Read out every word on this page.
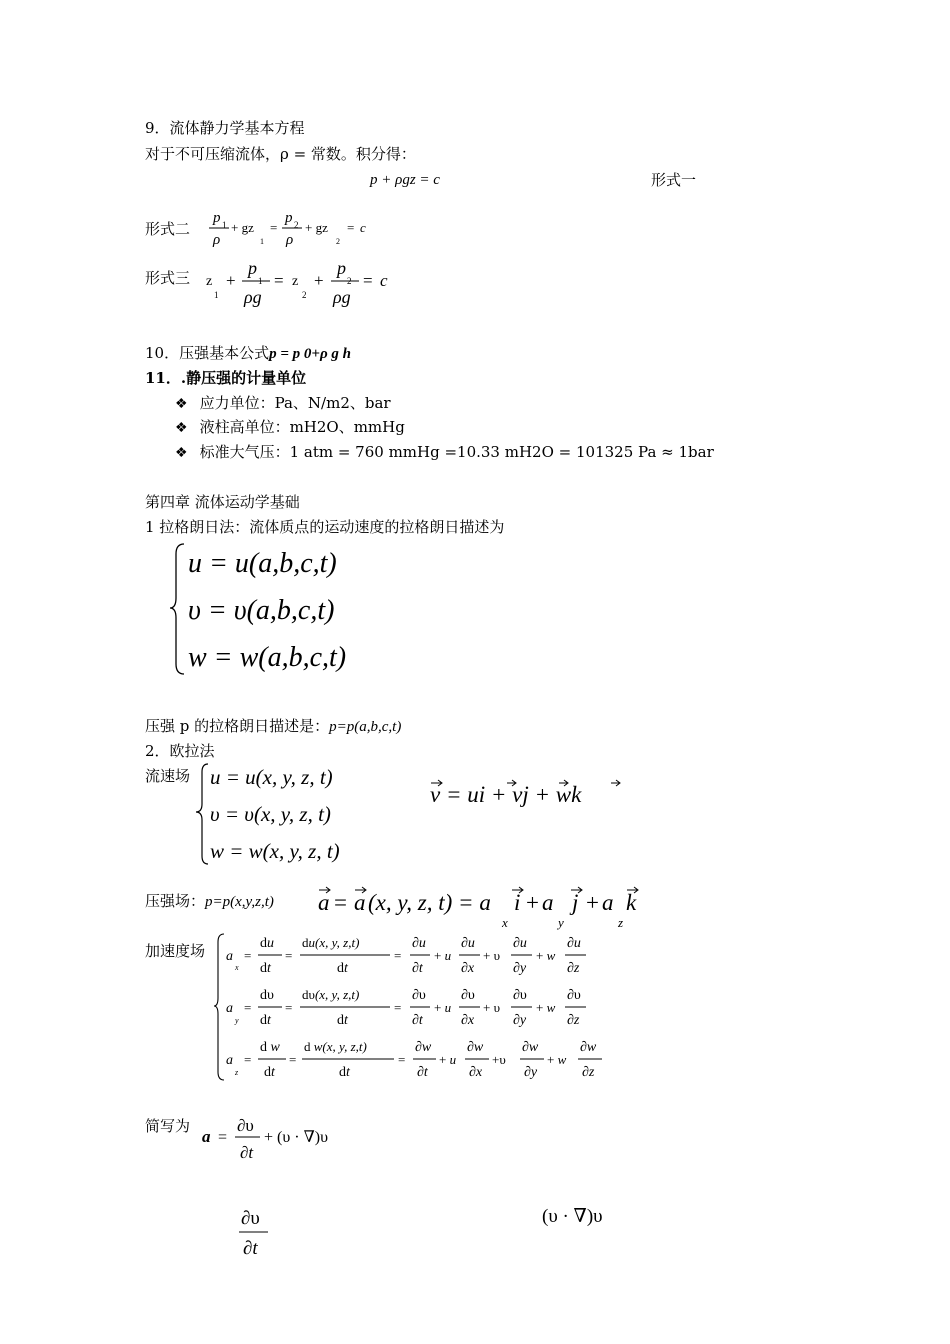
9．流体静力学基本方程
对于不可压缩流体，ρ = 常数。积分得：
p + ρgz = c	形式一
形式二
p 1
ρ
+ gz
1
=
p 2
ρ
+ gz
2
= c
形式三 z
1
+
p
1
ρg
= z
2
+
p
2
ρg
= c
10．压强基本公式p = p 0+ρ g h
11．.静压强的计量单位
❖ 应力单位：Pa、N/m2、bar
❖ 液柱高单位：mH2O、mmHg
❖ 标准大气压：1 atm = 760 mmHg =10.33 mH2O = 101325 Pa ≈ 1bar
第四章 流体运动学基础
1 拉格朗日法：流体质点的运动速度的拉格朗日描述为
u = u(a,b,c,t)
υ = υ(a,b,c,t)
w = w(a,b,c,t)
压强 p 的拉格朗日描述是：p=p(a,b,c,t)
2．欧拉法
流速场 u = u(x, y, z, t)
υ = υ(x, y, z, t)
w = w(x, y, z, t)
v = ui + vj + wk
压强场：p=p(x,y,z,t) a = a (x, y, z, t) = a
x
i + a
y
j + a
z
k
加速度场 a
x
=
du
dt
=
du(x, y, z,t)
dt
=
∂u
∂t
+ u
∂u
∂x
+ υ
∂u
∂y
+ w
∂u
∂z
a
y
=
dυ
dt
=
dυ(x, y, z,t)
dt
=
∂υ
∂t
+ u
∂υ
∂x
+ υ
∂υ
∂y
+ w
∂υ
∂z
a
z
=
d w
dt
=
d w(x, y, z,t)
dt
=
∂w
∂t
+ u
∂w
∂x
+υ
∂w
∂y
+ w
∂w
∂z
简写为
a =
∂υ
∂t
+ (υ · ∇)υ
∂υ
∂t
(υ · ∇)υ
